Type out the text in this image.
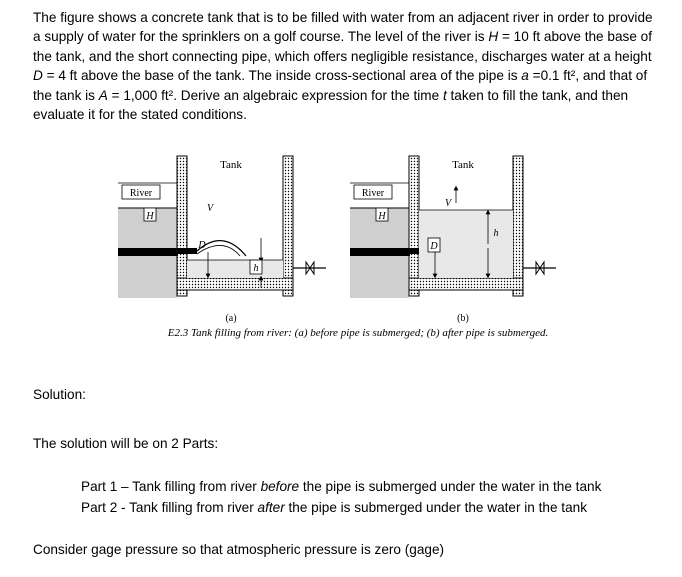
The figure shows a concrete tank that is to be filled with water from an adjacent river in order to provide a supply of water for the sprinklers on a golf course. The level of the river is H = 10 ft above the base of the tank, and the short connecting pipe, which offers negligible resistance, discharges water at a height D = 4 ft above the base of the tank. The inside cross-sectional area of the pipe is a =0.1 ft², and that of the tank is A = 1,000 ft². Derive an algebraic expression for the time t taken to fill the tank, and then evaluate it for the stated conditions.

Tank
River
H
V
D
h
(a)
Tank
River
H
V
D
h
(b)
E2.3 Tank filling from river: (a) before pipe is submerged; (b) after pipe is submerged.

Solution:

The solution will be on 2 Parts:

Part 1 – Tank filling from river before the pipe is submerged under the water in the tank

Part 2 - Tank filling from river after the pipe is submerged under the water in the tank

Consider gage pressure so that atmospheric pressure is zero (gage)
